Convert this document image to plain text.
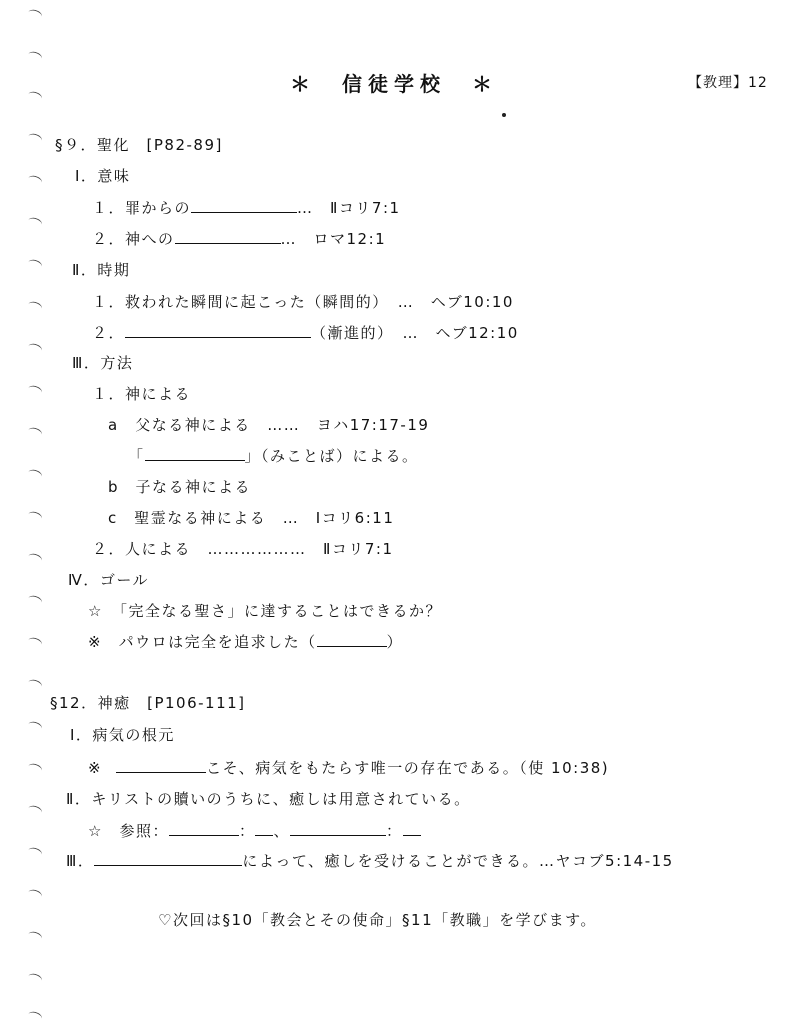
＊　信徒学校　＊	【教理】12
§９．聖化　[P82-89]
Ⅰ．意味
１．罪からの	…　Ⅱコリ7:1
２．神への	…　ロマ12:1
Ⅱ．時期
１．救われた瞬間に起こった（瞬間的）　…　ヘブ10:10
２．	（漸進的）　…　ヘブ12:10
Ⅲ．方法
１．神による
a　父なる神による　……　ヨハ17:17-19
「	」（みことば）による。
b　子なる神による
c　聖霊なる神による　…　Ⅰコリ6:11
２．人による　………………　Ⅱコリ7:1
Ⅳ．ゴール
☆　「完全なる聖さ」に達することはできるか？
※　パウロは完全を追求した（	）
§12．神癒　[P106-111]
Ⅰ．病気の根元
※	こそ、病気をもたらす唯一の存在である。（使 10:38)
Ⅱ．キリストの贖いのうちに、癒しは用意されている。
☆　参照：	： 、	：
Ⅲ．	によって、癒しを受けることができる。…ヤコブ5:14-15
♡次回は§10「教会とその使命」§11「教職」を学びます。
